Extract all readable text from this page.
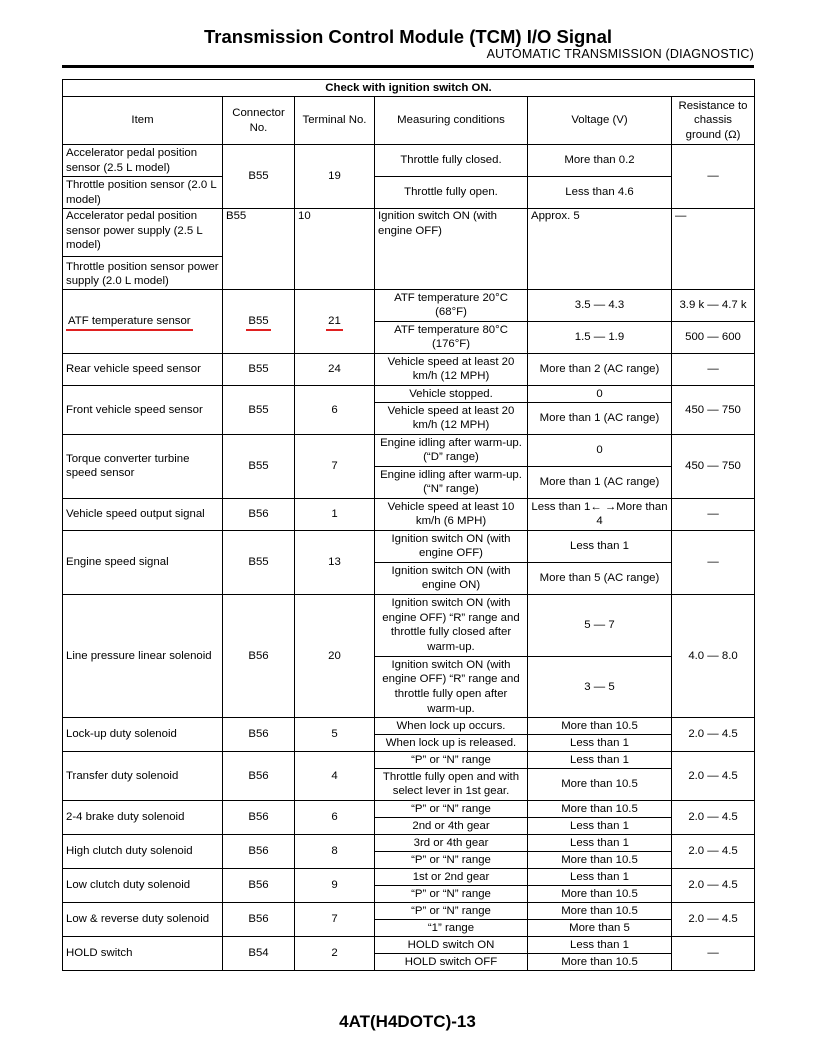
Transmission Control Module (TCM) I/O Signal
AUTOMATIC TRANSMISSION (DIAGNOSTIC)
Check with ignition switch ON.					
Item	Connector No.	Terminal No.	Measuring conditions	Voltage (V)	Resistance to chassis ground (Ω)
Accelerator pedal position sensor (2.5 L model)	B55	19	Throttle fully closed.	More than 0.2	—
Throttle position sensor (2.0 L model)			Throttle fully open.	Less than 4.6	

Accelerator pedal position sensor power supply (2.5 L model)
Throttle position sensor power supply (2.0 L model)	B55	10	Ignition switch ON (with engine OFF)	Approx. 5	—
ATF temperature sensor	B55	21	ATF temperature 20°C (68°F)	3.5 — 4.3	3.9 k — 4.7 k
			ATF temperature 80°C (176°F)	1.5 — 1.9	500 — 600
Rear vehicle speed sensor	B55	24	Vehicle speed at least 20 km/h (12 MPH)	More than 2 (AC range)	—
Front vehicle speed sensor	B55	6	Vehicle stopped.	0	450 — 750
			Vehicle speed at least 20 km/h (12 MPH)	More than 1 (AC range)	
Torque converter turbine speed sensor	B55	7	Engine idling after warm-up. (“D” range)	0	450 — 750
			Engine idling after warm-up. (“N” range)	More than 1 (AC range)	
Vehicle speed output signal	B56	1	Vehicle speed at least 10 km/h (6 MPH)	Less than 1← →More than 4	—
Engine speed signal	B55	13	Ignition switch ON (with engine OFF)	Less than 1	—
			Ignition switch ON (with engine ON)	More than 5 (AC range)	
Line pressure linear solenoid	B56	20	Ignition switch ON (with engine OFF) “R” range and throttle fully closed after warm-up.	5 — 7	4.0 — 8.0
			Ignition switch ON (with engine OFF) “R” range and throttle fully open after warm-up.	3 — 5	
Lock-up duty solenoid	B56	5	When lock up occurs.	More than 10.5	2.0 — 4.5
			When lock up is released.	Less than 1	
Transfer duty solenoid	B56	4	“P” or “N” range	Less than 1	2.0 — 4.5
			Throttle fully open and with select lever in 1st gear.	More than 10.5	
2-4 brake duty solenoid	B56	6	“P” or “N” range	More than 10.5	2.0 — 4.5
			2nd or 4th gear	Less than 1	
High clutch duty solenoid	B56	8	3rd or 4th gear	Less than 1	2.0 — 4.5
			“P” or “N” range	More than 10.5	
Low clutch duty solenoid	B56	9	1st or 2nd gear	Less than 1	2.0 — 4.5
			“P” or “N” range	More than 10.5	
Low & reverse duty solenoid	B56	7	“P” or “N” range	More than 10.5	2.0 — 4.5
			“1” range	More than 5	
HOLD switch	B54	2	HOLD switch ON	Less than 1	—
			HOLD switch OFF	More than 10.5	
4AT(H4DOTC)-13
